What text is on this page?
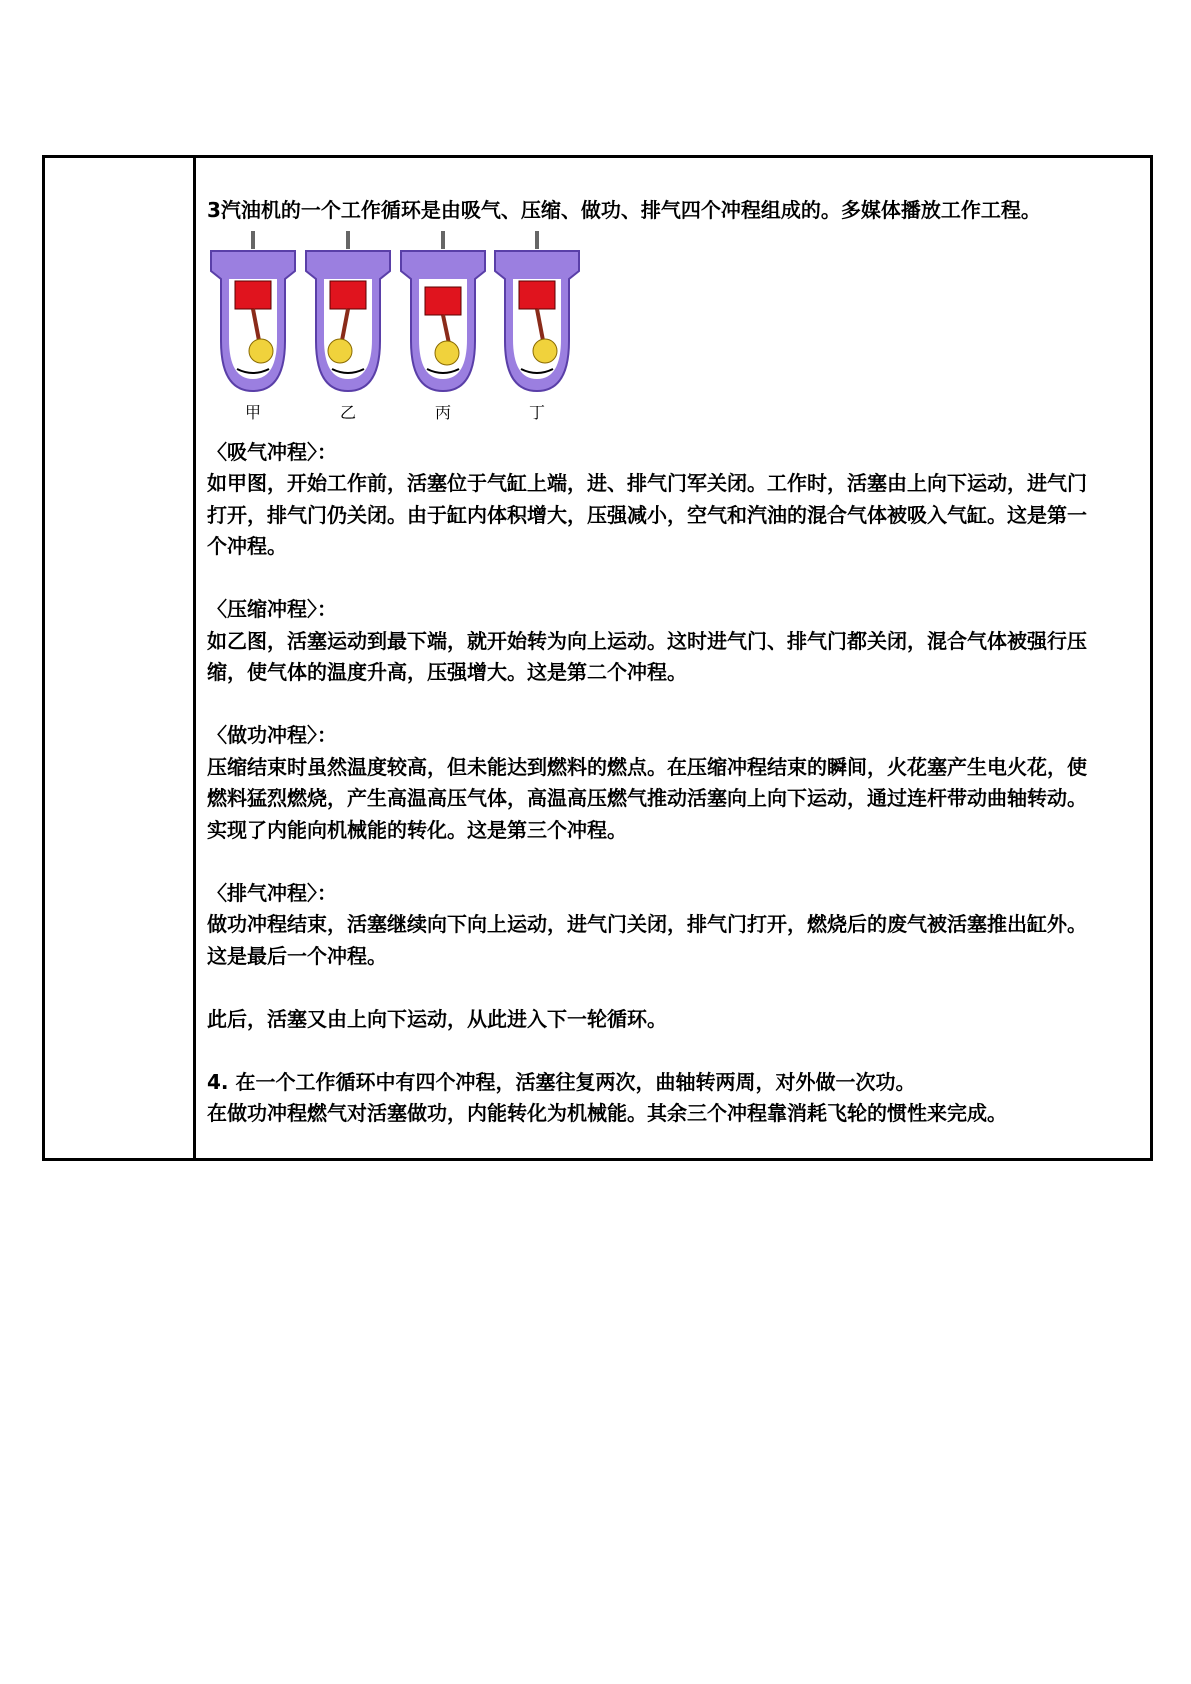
3汽油机的一个工作循环是由吸气、压缩、做功、排气四个冲程组成的。多媒体播放工作工程。

甲	乙	丙	丁

〈吸气冲程〉：

如甲图，开始工作前，活塞位于气缸上端，进、排气门军关闭。工作时，活塞由上向下运动，进气门

打开，排气门仍关闭。由于缸内体积增大，压强减小，空气和汽油的混合气体被吸入气缸。这是第一

个冲程。

〈压缩冲程〉：

如乙图，活塞运动到最下端，就开始转为向上运动。这时进气门、排气门都关闭，混合气体被强行压

缩，使气体的温度升高，压强增大。这是第二个冲程。

〈做功冲程〉：

压缩结束时虽然温度较高，但未能达到燃料的燃点。在压缩冲程结束的瞬间，火花塞产生电火花，使

燃料猛烈燃烧，产生高温高压气体，高温高压燃气推动活塞向上向下运动，通过连杆带动曲轴转动。

实现了内能向机械能的转化。这是第三个冲程。

〈排气冲程〉：

做功冲程结束，活塞继续向下向上运动，进气门关闭，排气门打开，燃烧后的废气被活塞推出缸外。

这是最后一个冲程。

此后，活塞又由上向下运动，从此进入下一轮循环。

4. 在一个工作循环中有四个冲程，活塞往复两次，曲轴转两周，对外做一次功。

在做功冲程燃气对活塞做功，内能转化为机械能。其余三个冲程靠消耗飞轮的惯性来完成。
